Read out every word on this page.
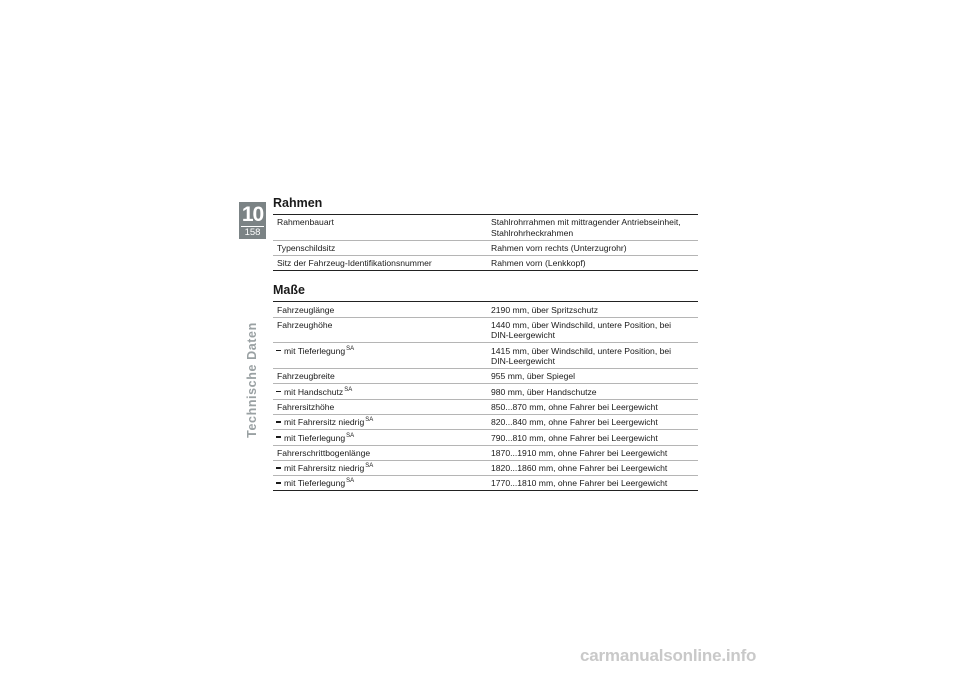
10
158
Technische Daten
Rahmen
Rahmenbauart	Stahlrohrrahmen mit mittragender Antriebseinheit,
Stahlrohrheckrahmen

Typenschildsitz	Rahmen vorn rechts (Unterzugrohr)

Sitz der Fahrzeug-Identifikationsnummer	Rahmen vorn (Lenkkopf)
Maße
Fahrzeuglänge	2190 mm, über Spritzschutz

Fahrzeughöhe	1440 mm, über Windschild, untere Position, bei
DIN-Leergewicht

mit Tieferlegung$^{SA}$	1415 mm, über Windschild, untere Position, bei
DIN-Leergewicht

Fahrzeugbreite	955 mm, über Spiegel

mit Handschutz$^{SA}$	980 mm, über Handschutze

Fahrersitzhöhe	850...870 mm, ohne Fahrer bei Leergewicht

mit Fahrersitz niedrig$^{SA}$	820...840 mm, ohne Fahrer bei Leergewicht

mit Tieferlegung$^{SA}$	790...810 mm, ohne Fahrer bei Leergewicht

Fahrerschrittbogenlänge	1870...1910 mm, ohne Fahrer bei Leergewicht

mit Fahrersitz niedrig$^{SA}$	1820...1860 mm, ohne Fahrer bei Leergewicht

mit Tieferlegung$^{SA}$	1770...1810 mm, ohne Fahrer bei Leergewicht
carmanualsonline.info
